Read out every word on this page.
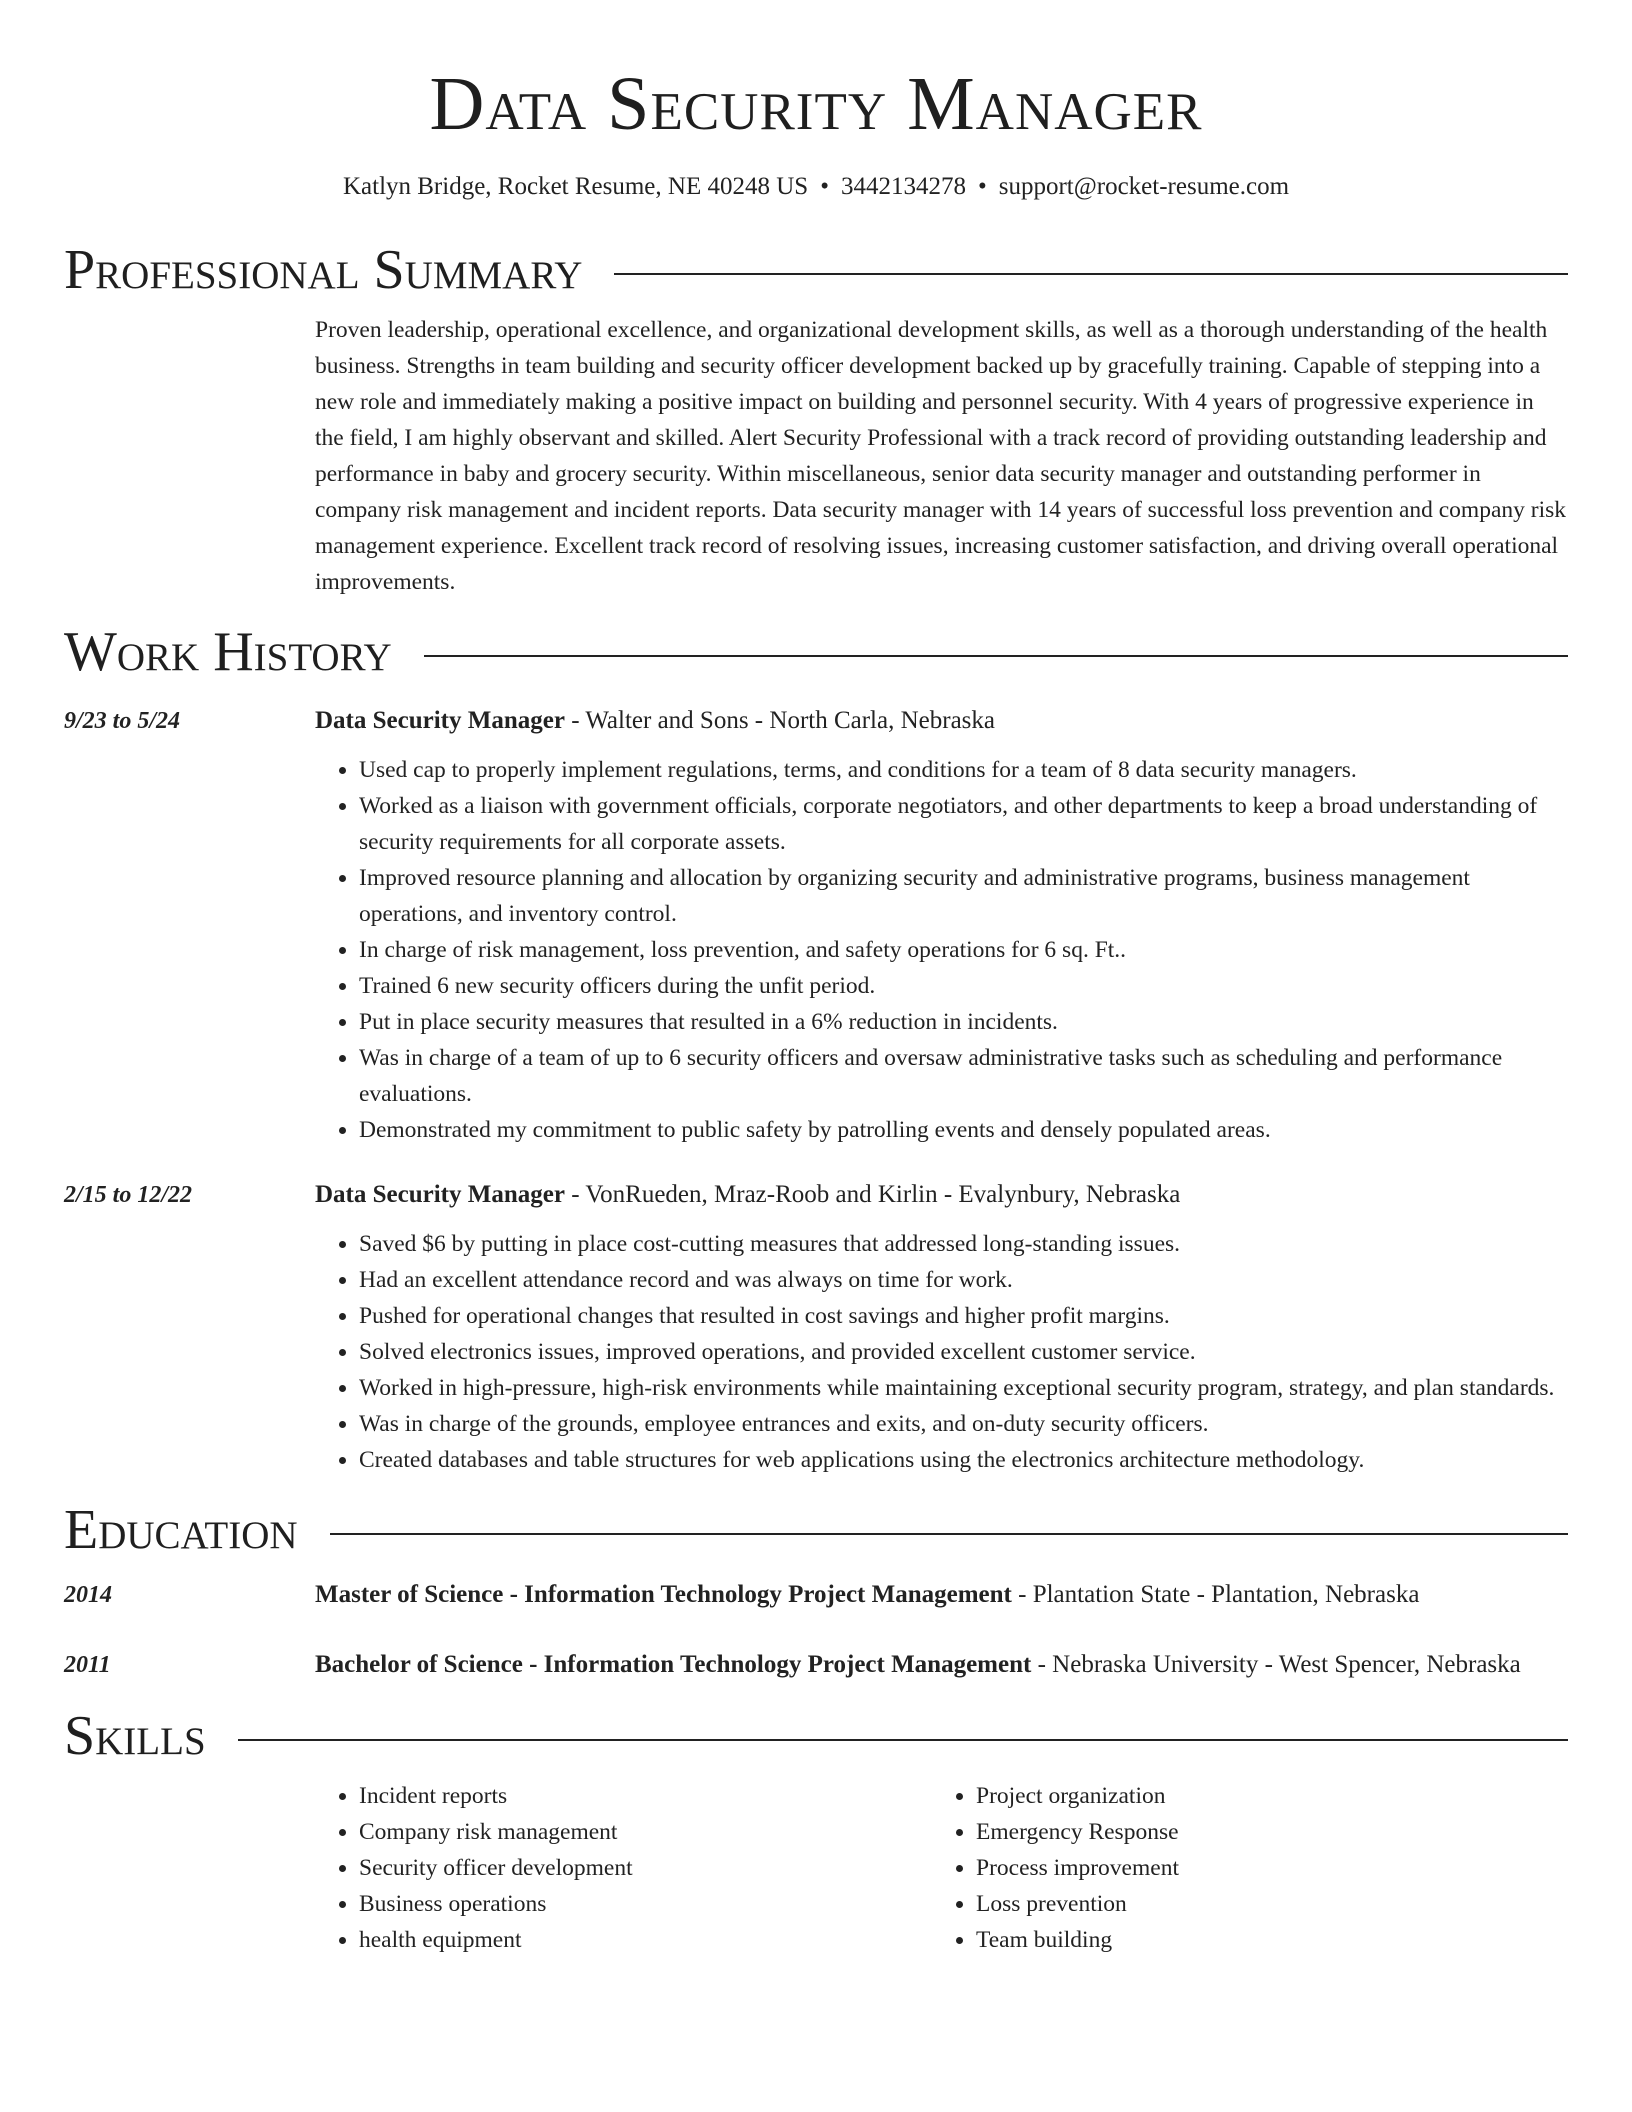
Data Security Manager
Katlyn Bridge, Rocket Resume, NE 40248 US • 3442134278 • support@rocket-resume.com
Professional Summary

Proven leadership, operational excellence, and organizational development skills, as well as a thorough understanding of the health business. Strengths in team building and security officer development backed up by gracefully training. Capable of stepping into a new role and immediately making a positive impact on building and personnel security. With 4 years of progressive experience in the field, I am highly observant and skilled. Alert Security Professional with a track record of providing outstanding leadership and performance in baby and grocery security. Within miscellaneous, senior data security manager and outstanding performer in company risk management and incident reports. Data security manager with 14 years of successful loss prevention and company risk management experience. Excellent track record of resolving issues, increasing customer satisfaction, and driving overall operational improvements.

Work History
9/23 to 5/24	Data Security Manager - Walter and Sons - North Carla, Nebraska
• Used cap to properly implement regulations, terms, and conditions for a team of 8 data security managers.
• Worked as a liaison with government officials, corporate negotiators, and other departments to keep a broad understanding of security requirements for all corporate assets.
• Improved resource planning and allocation by organizing security and administrative programs, business management operations, and inventory control.
• In charge of risk management, loss prevention, and safety operations for 6 sq. Ft..
• Trained 6 new security officers during the unfit period.
• Put in place security measures that resulted in a 6% reduction in incidents.
• Was in charge of a team of up to 6 security officers and oversaw administrative tasks such as scheduling and performance evaluations.
• Demonstrated my commitment to public safety by patrolling events and densely populated areas.
2/15 to 12/22	Data Security Manager - VonRueden, Mraz-Roob and Kirlin - Evalynbury, Nebraska
• Saved $6 by putting in place cost-cutting measures that addressed long-standing issues.
• Had an excellent attendance record and was always on time for work.
• Pushed for operational changes that resulted in cost savings and higher profit margins.
• Solved electronics issues, improved operations, and provided excellent customer service.
• Worked in high-pressure, high-risk environments while maintaining exceptional security program, strategy, and plan standards.
• Was in charge of the grounds, employee entrances and exits, and on-duty security officers.
• Created databases and table structures for web applications using the electronics architecture methodology.
Education
2014	Master of Science - Information Technology Project Management - Plantation State - Plantation, Nebraska
2011	Bachelor of Science - Information Technology Project Management - Nebraska University - West Spencer, Nebraska
Skills
• Incident reports
• Company risk management
• Security officer development
• Business operations
• health equipment
• Project organization
• Emergency Response
• Process improvement
• Loss prevention
• Team building
